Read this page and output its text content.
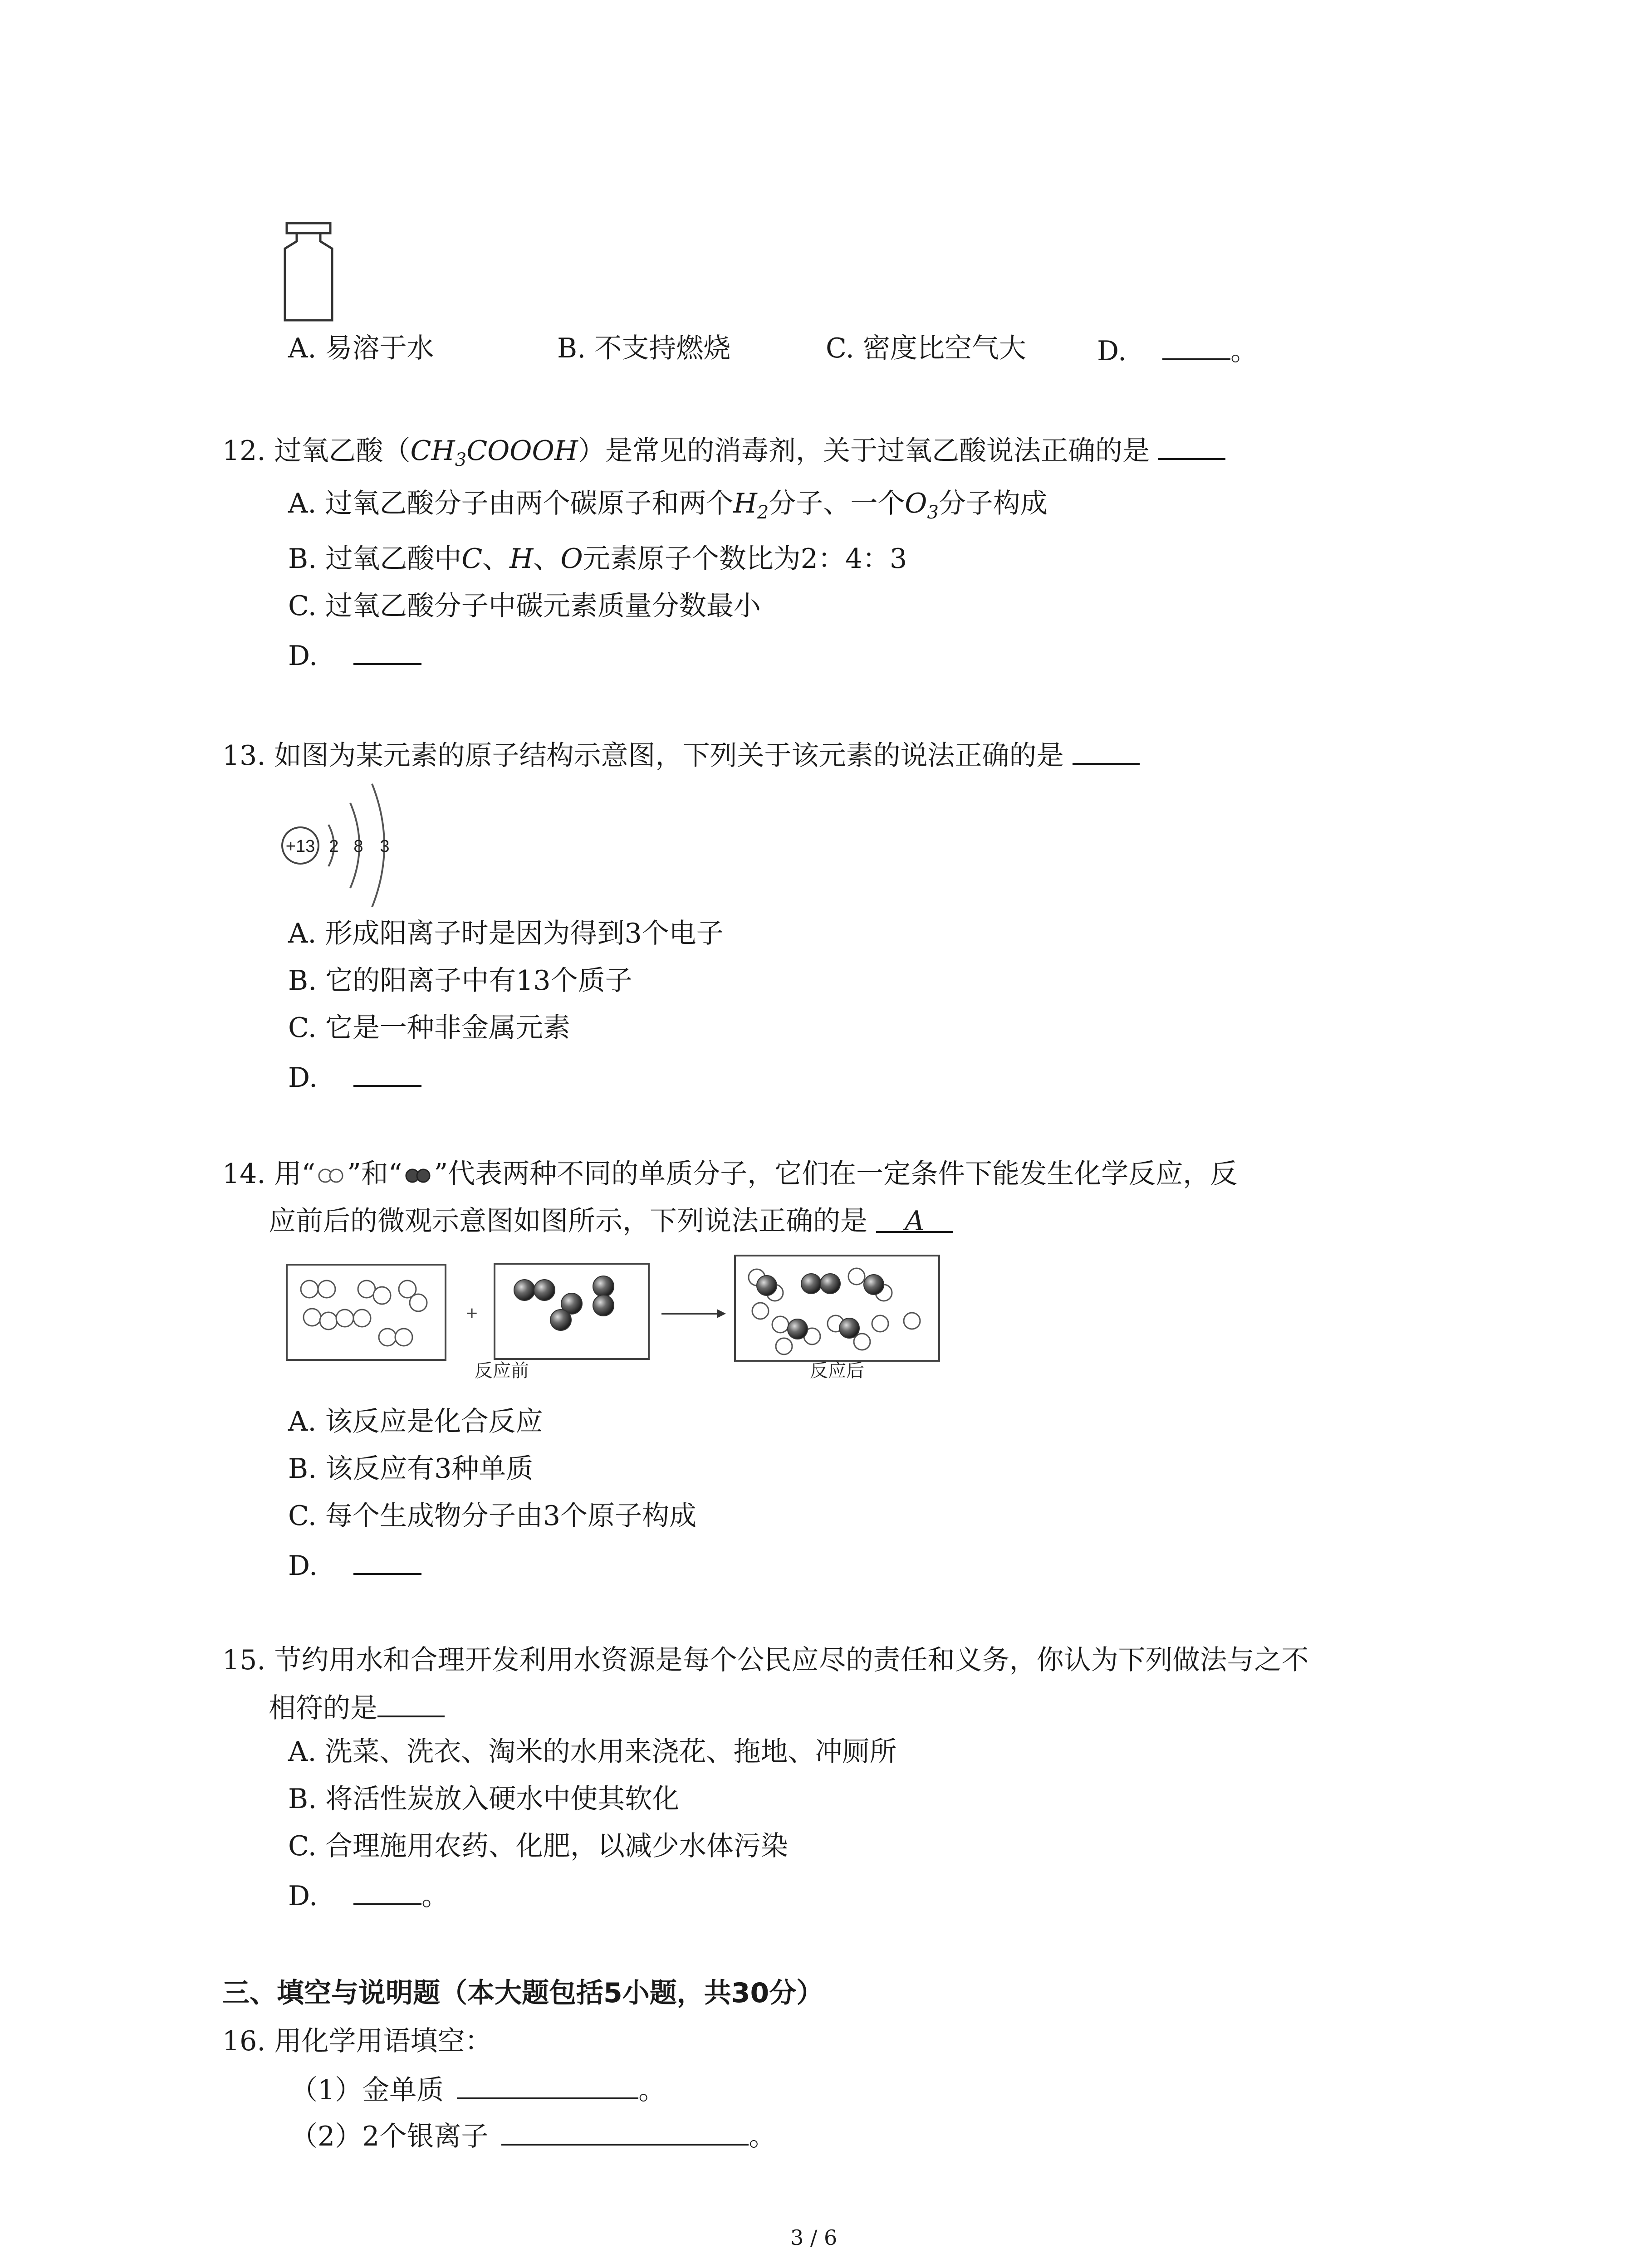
A. 易溶于水	B. 不支持燃烧	C. 密度比空气大	D.	。
12. 过氧乙酸$(CH_3COOOH)$是常见的消毒剂，关于过氧乙酸说法正确的是
A. 过氧乙酸分子由两个碳原子和两个$H_2$分子、一个$O_3$分子构成
B. 过氧乙酸中C、H、O元素原子个数比为2：4：3
C. 过氧乙酸分子中碳元素质量分数最小
D.
13. 如图为某元素的原子结构示意图，下列关于该元素的说法正确的是
+13 2 8 3
A. 形成阳离子时是因为得到3个电子
B. 它的阳离子中有13个质子
C. 它是一种非金属元素
D.
14. 用“ ”和“ ”代表两种不同的单质分子，它们在一定条件下能发生化学反应，反
应前后的微观示意图如图所示，下列说法正确的是 A
+
反应前	反应后
A. 该反应是化合反应
B. 该反应有3种单质
C. 每个生成物分子由3个原子构成
D.
15. 节约用水和合理开发利用水资源是每个公民应尽的责任和义务，你认为下列做法与之不
相符的是
A. 洗菜、洗衣、淘米的水用来浇花、拖地、冲厕所
B. 将活性炭放入硬水中使其软化
C. 合理施用农药、化肥，以减少水体污染
D.	。
三、填空与说明题（本大题包括5小题，共30分）
16. 用化学用语填空：
（1）金单质	。
（2）2个银离子	。
3 / 6
